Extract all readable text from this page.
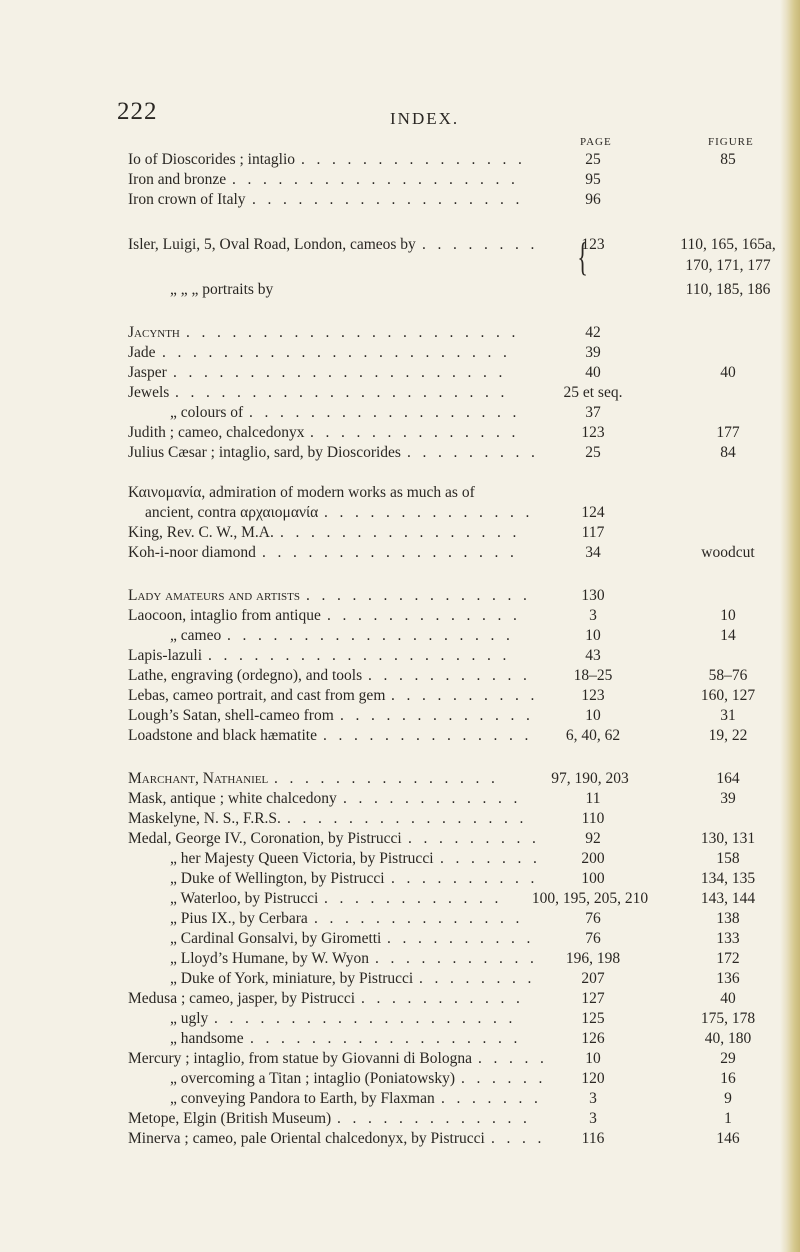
222	INDEX.
PAGE	FIGURE
{
Io of Dioscorides ; intaglio	25	85
.   .   .   .   .   .   .   .   .   .   .   .   .   .   .
Iron and bronze	95
.   .   .   .   .   .   .   .   .   .   .   .   .   .   .   .   .   .   .
Iron crown of Italy	96
.   .   .   .   .   .   .   .   .   .   .   .   .   .   .   .   .   .
Isler, Luigi, 5, Oval Road, London, cameos by	123	110, 165, 165a,
.   .   .   .   .   .   .   .
170, 171, 177
„ „ „ portraits by	110, 185, 186
Jacynth	42
.   .   .   .   .   .   .   .   .   .   .   .   .   .   .   .   .   .   .   .   .   .
Jade	39
.   .   .   .   .   .   .   .   .   .   .   .   .   .   .   .   .   .   .   .   .   .   .
Jasper	40	40
.   .   .   .   .   .   .   .   .   .   .   .   .   .   .   .   .   .   .   .   .   .
Jewels	25 et seq.
.   .   .   .   .   .   .   .   .   .   .   .   .   .   .   .   .   .   .   .   .   .
„ colours of	37
.   .   .   .   .   .   .   .   .   .   .   .   .   .   .   .   .   .
Judith ; cameo, chalcedonyx	123	177
.   .   .   .   .   .   .   .   .   .   .   .   .   .
Julius Cæsar ; intaglio, sard, by Dioscorides	25	84
.   .   .   .   .   .   .   .   .
Καινομανία, admiration of modern works as much as of
ancient, contra αρχαιομανία	124
.   .   .   .   .   .   .   .   .   .   .   .   .   .
King, Rev. C. W., M.A.	117
.   .   .   .   .   .   .   .   .   .   .   .   .   .   .   .
Koh-i-noor diamond	34	woodcut
.   .   .   .   .   .   .   .   .   .   .   .   .   .   .   .   .
Lady amateurs and artists	130
.   .   .   .   .   .   .   .   .   .   .   .   .   .   .
Laocoon, intaglio from antique	3	10
.   .   .   .   .   .   .   .   .   .   .   .   .
„ cameo	10	14
.   .   .   .   .   .   .   .   .   .   .   .   .   .   .   .   .   .   .
Lapis-lazuli	43
.   .   .   .   .   .   .   .   .   .   .   .   .   .   .   .   .   .   .   .
Lathe, engraving (ordegno), and tools	18–25	58–76
.   .   .   .   .   .   .   .   .   .   .
Lebas, cameo portrait, and cast from gem	123	160, 127
.   .   .   .   .   .   .   .   .   .
Lough’s Satan, shell-cameo from	10	31
.   .   .   .   .   .   .   .   .   .   .   .   .
Loadstone and black hæmatite	6, 40, 62	19, 22
.   .   .   .   .   .   .   .   .   .   .   .   .   .
Marchant, Nathaniel	97, 190, 203	164
.   .   .   .   .   .   .   .   .   .   .   .   .   .   .
Mask, antique ; white chalcedony	11	39
.   .   .   .   .   .   .   .   .   .   .   .
Maskelyne, N. S., F.R.S.	110
.   .   .   .   .   .   .   .   .   .   .   .   .   .   .   .
Medal, George IV., Coronation, by Pistrucci	92	130, 131
.   .   .   .   .   .   .   .   .
„ her Majesty Queen Victoria, by Pistrucci	200	158
.   .   .   .   .   .   .
„ Duke of Wellington, by Pistrucci	100	134, 135
.   .   .   .   .   .   .   .   .   .
„ Waterloo, by Pistrucci	100, 195, 205, 210	143, 144
.   .   .   .   .   .   .   .   .   .   .   .
„ Pius IX., by Cerbara	76	138
.   .   .   .   .   .   .   .   .   .   .   .   .   .
„ Cardinal Gonsalvi, by Girometti	76	133
.   .   .   .   .   .   .   .   .   .
„ Lloyd’s Humane, by W. Wyon	196, 198	172
.   .   .   .   .   .   .   .   .   .   .
„ Duke of York, miniature, by Pistrucci	207	136
.   .   .   .   .   .   .   .
Medusa ; cameo, jasper, by Pistrucci	127	40
.   .   .   .   .   .   .   .   .   .   .
„ ugly	125	175, 178
.   .   .   .   .   .   .   .   .   .   .   .   .   .   .   .   .   .   .   .
„ handsome	126	40, 180
.   .   .   .   .   .   .   .   .   .   .   .   .   .   .   .   .   .
Mercury ; intaglio, from statue by Giovanni di Bologna	10	29
.   .   .   .   .
„ overcoming a Titan ; intaglio (Poniatowsky)	120	16
.   .   .   .   .   .
„ conveying Pandora to Earth, by Flaxman	3	9
.   .   .   .   .   .   .
Metope, Elgin (British Museum)	3	1
.   .   .   .   .   .   .   .   .   .   .   .   .
Minerva ; cameo, pale Oriental chalcedonyx, by Pistrucci	116	146
.   .   .   .
